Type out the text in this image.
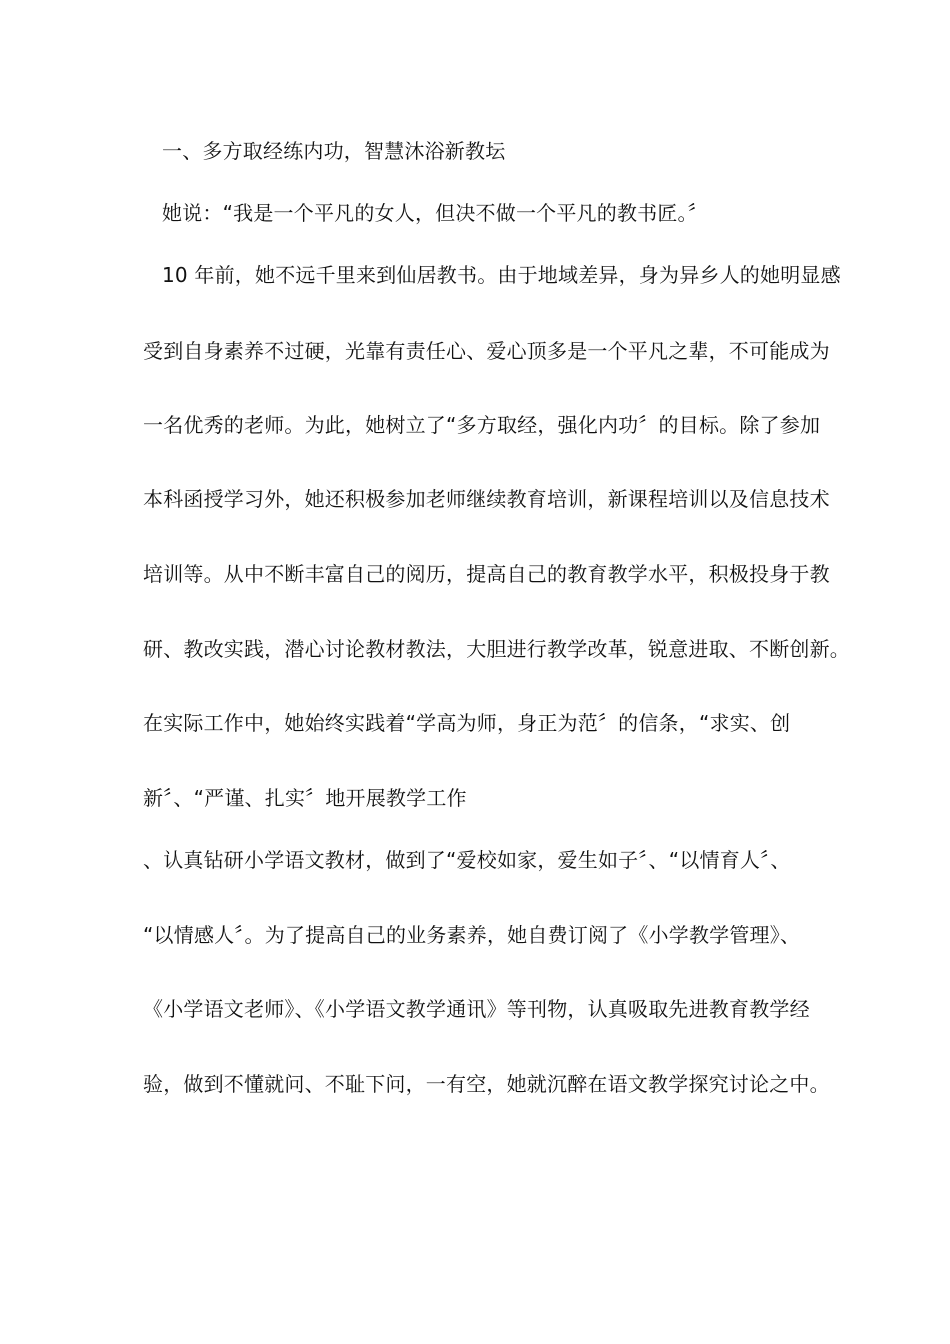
一、多方取经练内功，智慧沐浴新教坛
她说：“我是一个平凡的女人，但决不做一个平凡的教书匠。〞
10 年前，她不远千里来到仙居教书。由于地域差异，身为异乡人的她明显感
受到自身素养不过硬，光靠有责任心、爱心顶多是一个平凡之辈，不可能成为
一名优秀的老师。为此，她树立了“多方取经，强化内功〞的目标。除了参加
本科函授学习外，她还积极参加老师继续教育培训，新课程培训以及信息技术
培训等。从中不断丰富自己的阅历，提高自己的教育教学水平，积极投身于教
研、教改实践，潜心讨论教材教法，大胆进行教学改革，锐意进取、不断创新。
在实际工作中，她始终实践着“学高为师，身正为范〞的信条，“求实、创
新〞、“严谨、扎实〞地开展教学工作
、认真钻研小学语文教材，做到了“爱校如家，爱生如子〞、“以情育人〞、
“以情感人〞。为了提高自己的业务素养，她自费订阅了《小学教学管理》、
《小学语文老师》、《小学语文教学通讯》等刊物，认真吸取先进教育教学经
验，做到不懂就问、不耻下问，一有空，她就沉醉在语文教学探究讨论之中。
